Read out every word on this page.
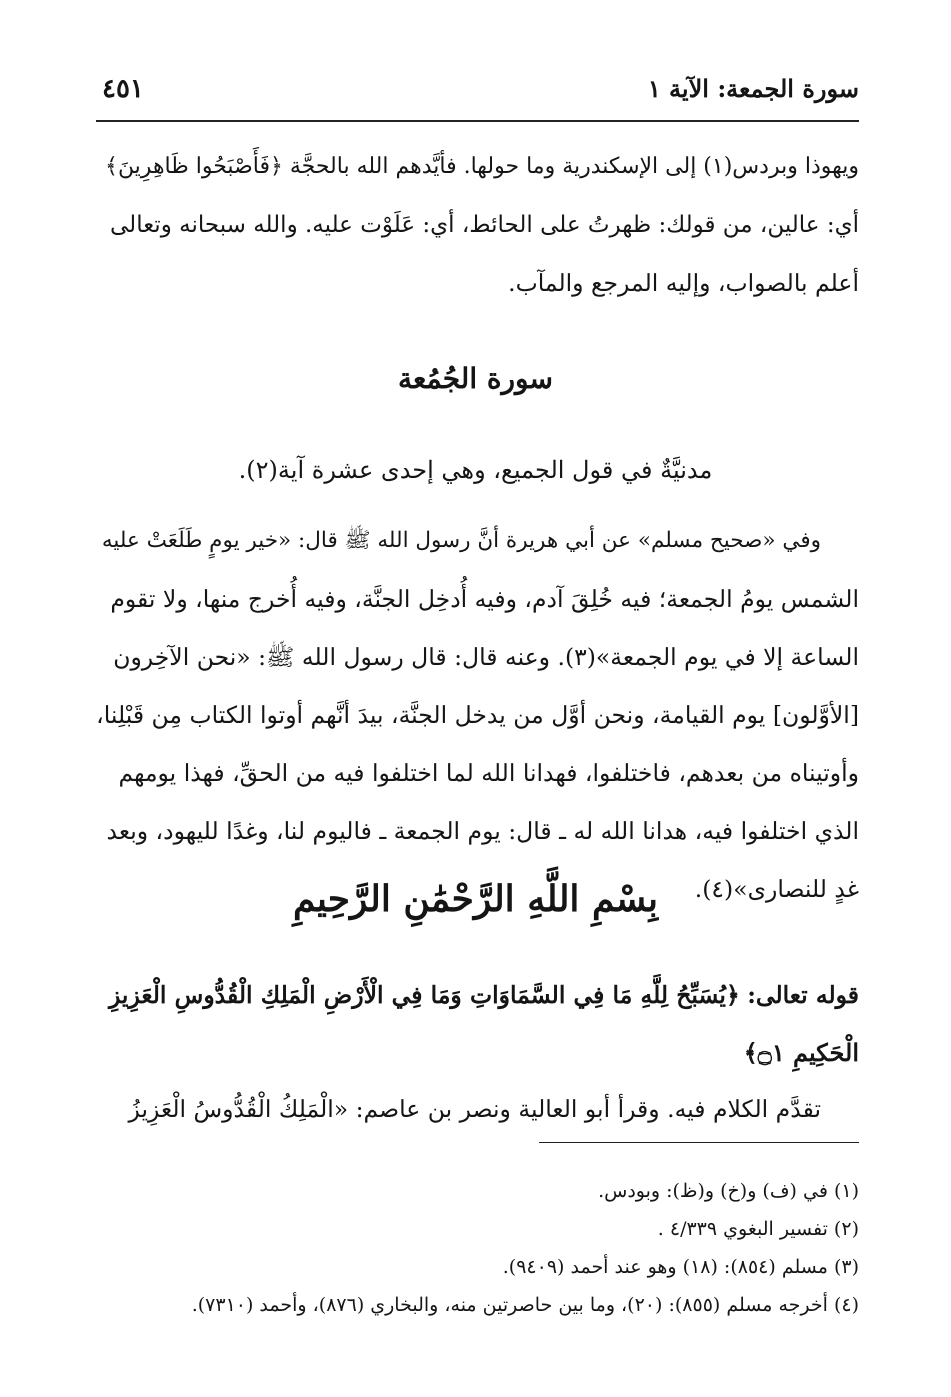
سورة الجمعة: الآية ١
٤٥١
ويهوذا وبردس(١) إلى الإسكندرية وما حولها. فأيَّدهم الله بالحجَّة ﴿فَأَصْبَحُوا ظَاهِرِينَ﴾
أي: عالين، من قولك: ظهرتُ على الحائط، أي: عَلَوْت عليه. والله سبحانه وتعالى
أعلم بالصواب، وإليه المرجع والمآب.
سورة الجُمُعة
مدنيَّةٌ في قول الجميع، وهي إحدى عشرة آية(٢).
وفي «صحيح مسلم» عن أبي هريرة أنَّ رسول الله ﷺ قال: «خير يومٍ طَلَعَتْ عليه
الشمس يومُ الجمعة؛ فيه خُلِقَ آدم، وفيه أُدخِل الجنَّة، وفيه أُخرج منها، ولا تقوم
الساعة إلا في يوم الجمعة»(٣). وعنه قال: قال رسول الله ﷺ: «نحن الآخِرون
[الأوَّلون] يوم القيامة، ونحن أوَّل من يدخل الجنَّة، بيدَ أنَّهم أوتوا الكتاب مِن قَبْلِنا،
وأوتيناه من بعدهم، فاختلفوا، فهدانا الله لما اختلفوا فيه من الحقِّ، فهذا يومهم
الذي اختلفوا فيه، هدانا الله له ـ قال: يوم الجمعة ـ فاليوم لنا، وغدًا لليهود، وبعد
غدٍ للنصارى»(٤).
بِسْمِ اللَّهِ الرَّحْمَٰنِ الرَّحِيمِ
قوله تعالى: ﴿يُسَبِّحُ لِلَّهِ مَا فِي السَّمَاوَاتِ وَمَا فِي الْأَرْضِ الْمَلِكِ الْقُدُّوسِ الْعَزِيزِ
الْحَكِيمِ ۝١﴾
تقدَّم الكلام فيه. وقرأ أبو العالية ونصر بن عاصم: «الْمَلِكُ الْقُدُّوسُ الْعَزِيزُ
(١) في (ف) و(خ) و(ظ): وبودس.
(٢) تفسير البغوي ٤/٣٣٩ .
(٣) مسلم (٨٥٤): (١٨) وهو عند أحمد (٩٤٠٩).
(٤) أخرجه مسلم (٨٥٥): (٢٠)، وما بين حاصرتين منه، والبخاري (٨٧٦)، وأحمد (٧٣١٠).
